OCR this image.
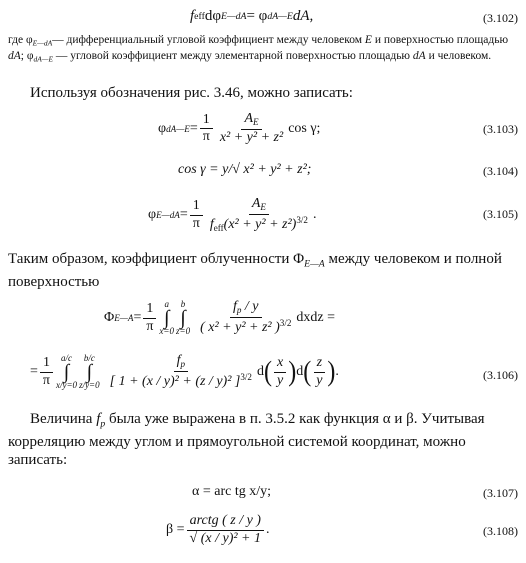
f eff dφ E—dA = φ dA—E dA,	(3.102)
где $\varphi_{E—dA}—$ дифференциальный угловой коэффициент между человеком E и поверхностью площадью dA; $\varphi_{dA—E}$ — угловой коэффициент между элементарной поверхностью площадью dA и человеком.
Используя обозначения рис. 3.46, можно записать:
φ dA—E = $\frac{1}{\pi} \frac{A_E}{\text{x² + y² + z²}}$ cos γ;	(3.103)
cos γ = y/√ x² + y² + z²;	(3.104)
φ E—dA = $\frac{1}{\pi} \frac{A_E}{f_{eff}(x^2 + y^2 + z^2)^{3/2}}$ .	(3.105)
Таким образом, коэффициент облученности $\Phi_{E—A}$ между человеком и полной поверхностью
Φ E—A = $\frac{1}{\pi}$ a
∫
x=0
b
∫
$z=0 \frac{f_p / y}{( x^2 + y^2 + z^2 )^{3/2}}$ dxdz =
= $\frac{1}{\pi} a/c$
∫
x/y=0
b/c
∫
$z/y=0 \frac{f_p}{[ 1 + (x / y)^2 + (z / y)^2 ]^{3/2}}$ d ( $\frac{x}{y}$ ) d ( $\frac{z}{y}$ ) .	(3.106)
Величина $f_p$ была уже выражена в п. 3.5.2 как функция α и β. Учитывая корреляцию между углом и прямоугольной системой координат, можно записать:
α = arc tg x/y;	(3.107)
$\beta = \frac{\text{arctg ( z / y )}}{\text{√ (x / y)² + 1}}$ .	(3.108)
